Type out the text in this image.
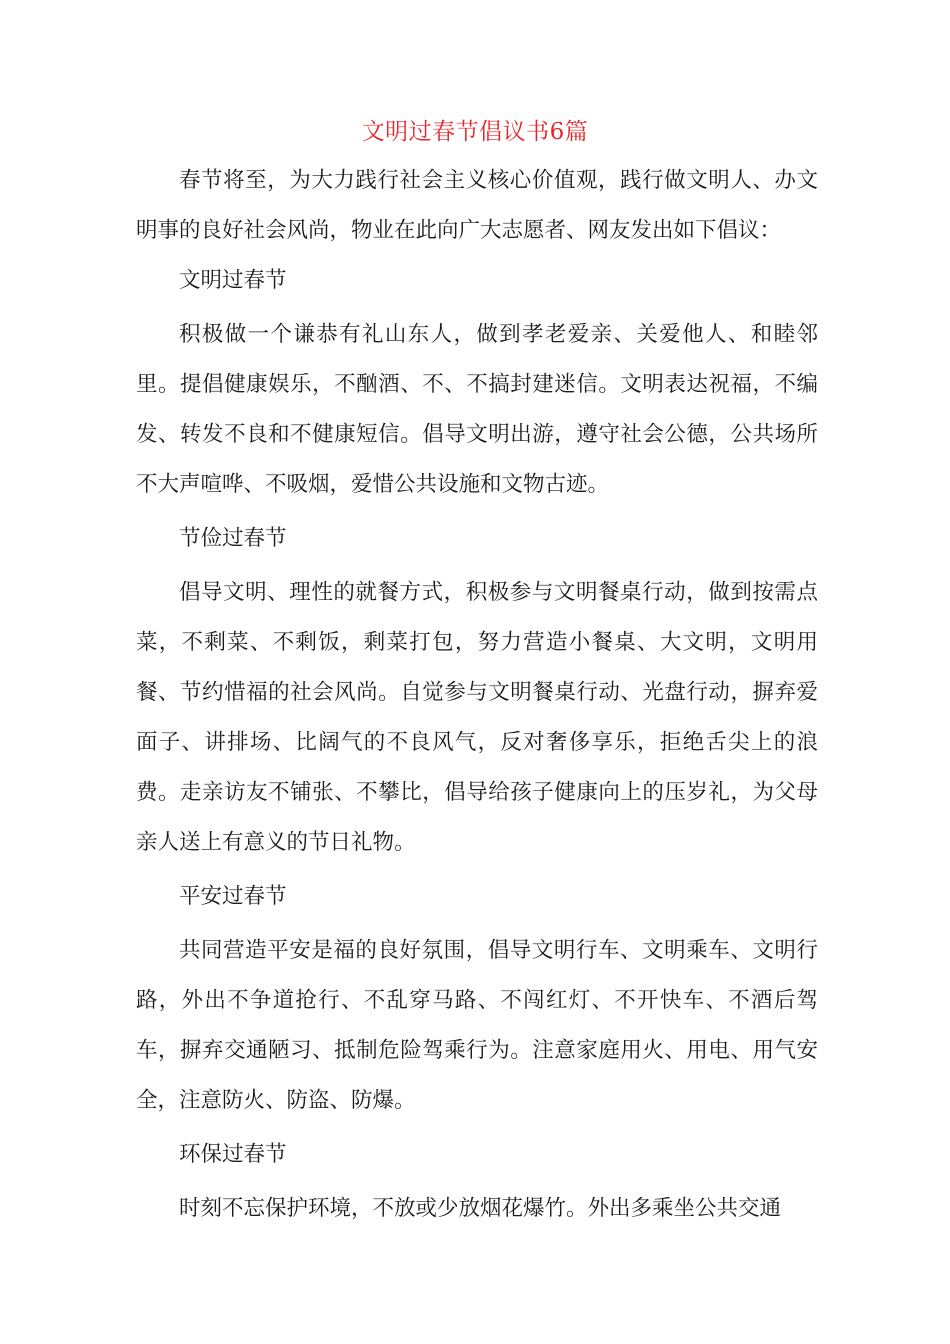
文明过春节倡议书6篇

春节将至，为大力践行社会主义核心价值观，践行做文明人、办文明事的良好社会风尚，物业在此向广大志愿者、网友发出如下倡议：

文明过春节

积极做一个谦恭有礼山东人，做到孝老爱亲、关爱他人、和睦邻里。提倡健康娱乐，不酗酒、不、不搞封建迷信。文明表达祝福，不编发、转发不良和不健康短信。倡导文明出游，遵守社会公德，公共场所不大声喧哗、不吸烟，爱惜公共设施和文物古迹。

节俭过春节

倡导文明、理性的就餐方式，积极参与文明餐桌行动，做到按需点菜，不剩菜、不剩饭，剩菜打包，努力营造小餐桌、大文明，文明用餐、节约惜福的社会风尚。自觉参与文明餐桌行动、光盘行动，摒弃爱面子、讲排场、比阔气的不良风气，反对奢侈享乐，拒绝舌尖上的浪费。走亲访友不铺张、不攀比，倡导给孩子健康向上的压岁礼，为父母亲人送上有意义的节日礼物。

平安过春节

共同营造平安是福的良好氛围，倡导文明行车、文明乘车、文明行路，外出不争道抢行、不乱穿马路、不闯红灯、不开快车、不酒后驾车，摒弃交通陋习、抵制危险驾乘行为。注意家庭用火、用电、用气安全，注意防火、防盗、防爆。

环保过春节

时刻不忘保护环境，不放或少放烟花爆竹。外出多乘坐公共交通
